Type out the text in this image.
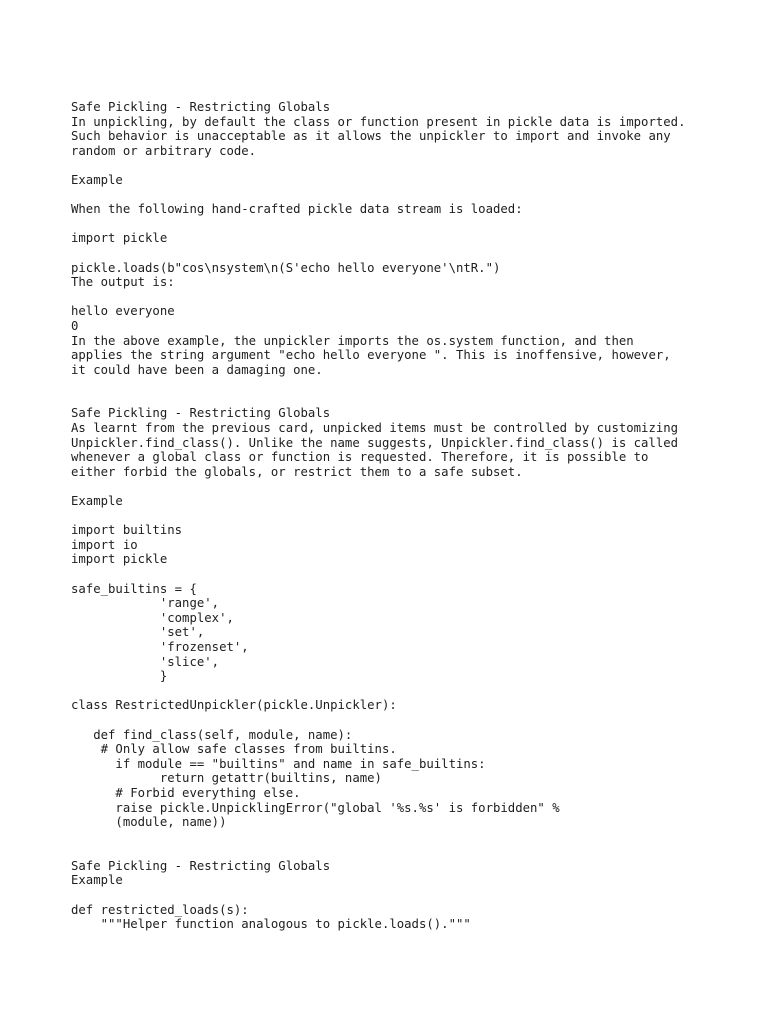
Safe Pickling - Restricting Globals
In unpickling, by default the class or function present in pickle data is imported.
Such behavior is unacceptable as it allows the unpickler to import and invoke any
random or arbitrary code.
Example
When the following hand-crafted pickle data stream is loaded:
import pickle
pickle.loads(b"cos\nsystem\n(S'echo hello everyone'\ntR.")
The output is:
hello everyone
0
In the above example, the unpickler imports the os.system function, and then
applies the string argument "echo hello everyone ". This is inoffensive, however,
it could have been a damaging one.
Safe Pickling - Restricting Globals
As learnt from the previous card, unpicked items must be controlled by customizing
Unpickler.find_class(). Unlike the name suggests, Unpickler.find_class() is called
whenever a global class or function is requested. Therefore, it is possible to
either forbid the globals, or restrict them to a safe subset.
Example
import builtins
import io
import pickle
safe_builtins = {
'range',
'complex',
'set',
'frozenset',
'slice',
}
class RestrictedUnpickler(pickle.Unpickler):
def find_class(self, module, name):
# Only allow safe classes from builtins.
if module == "builtins" and name in safe_builtins:
return getattr(builtins, name)
# Forbid everything else.
raise pickle.UnpicklingError("global '%s.%s' is forbidden" %
(module, name))
Safe Pickling - Restricting Globals
Example
def restricted_loads(s):
"""Helper function analogous to pickle.loads()."""
